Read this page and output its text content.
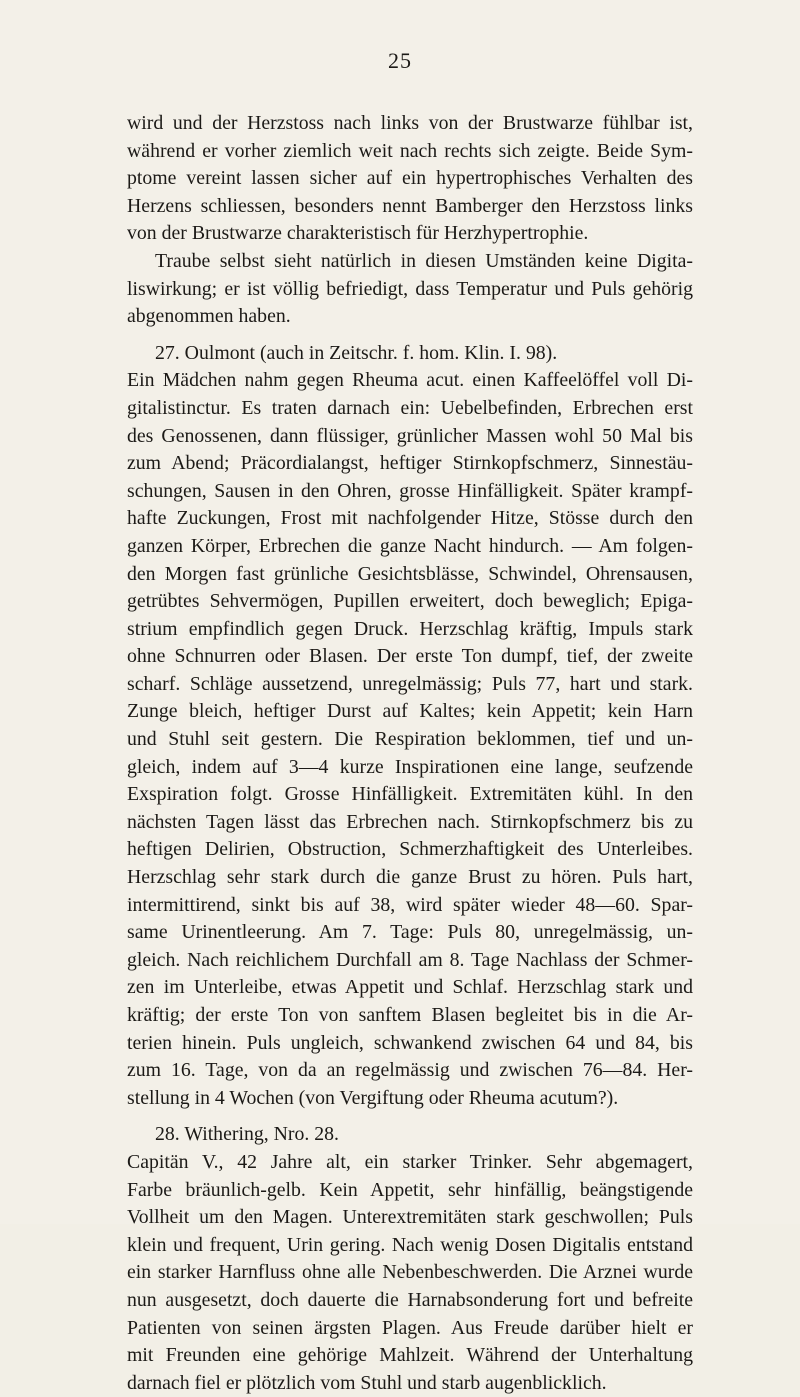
25

wird und der Herzstoss nach links von der Brustwarze fühlbar ist,
während er vorher ziemlich weit nach rechts sich zeigte. Beide Sym-
ptome vereint lassen sicher auf ein hypertrophisches Verhalten des
Herzens schliessen, besonders nennt Bamberger den Herzstoss links
von der Brustwarze charakteristisch für Herzhypertrophie.

Traube selbst sieht natürlich in diesen Umständen keine Digita-
liswirkung; er ist völlig befriedigt, dass Temperatur und Puls gehörig
abgenommen haben.

27. Oulmont (auch in Zeitschr. f. hom. Klin. I. 98).

Ein Mädchen nahm gegen Rheuma acut. einen Kaffeelöffel voll Di-
gitalistinctur. Es traten darnach ein: Uebelbefinden, Erbrechen erst
des Genossenen, dann flüssiger, grünlicher Massen wohl 50 Mal bis
zum Abend; Präcordialangst, heftiger Stirnkopfschmerz, Sinnestäu-
schungen, Sausen in den Ohren, grosse Hinfälligkeit. Später krampf-
hafte Zuckungen, Frost mit nachfolgender Hitze, Stösse durch den
ganzen Körper, Erbrechen die ganze Nacht hindurch. — Am folgen-
den Morgen fast grünliche Gesichtsblässe, Schwindel, Ohrensausen,
getrübtes Sehvermögen, Pupillen erweitert, doch beweglich; Epiga-
strium empfindlich gegen Druck. Herzschlag kräftig, Impuls stark
ohne Schnurren oder Blasen. Der erste Ton dumpf, tief, der zweite
scharf. Schläge aussetzend, unregelmässig; Puls 77, hart und stark.
Zunge bleich, heftiger Durst auf Kaltes; kein Appetit; kein Harn
und Stuhl seit gestern. Die Respiration beklommen, tief und un-
gleich, indem auf 3—4 kurze Inspirationen eine lange, seufzende
Exspiration folgt. Grosse Hinfälligkeit. Extremitäten kühl. In den
nächsten Tagen lässt das Erbrechen nach. Stirnkopfschmerz bis zu
heftigen Delirien, Obstruction, Schmerzhaftigkeit des Unterleibes.
Herzschlag sehr stark durch die ganze Brust zu hören. Puls hart,
intermittirend, sinkt bis auf 38, wird später wieder 48—60. Spar-
same Urinentleerung. Am 7. Tage: Puls 80, unregelmässig, un-
gleich. Nach reichlichem Durchfall am 8. Tage Nachlass der Schmer-
zen im Unterleibe, etwas Appetit und Schlaf. Herzschlag stark und
kräftig; der erste Ton von sanftem Blasen begleitet bis in die Ar-
terien hinein. Puls ungleich, schwankend zwischen 64 und 84, bis
zum 16. Tage, von da an regelmässig und zwischen 76—84. Her-
stellung in 4 Wochen (von Vergiftung oder Rheuma acutum?).

28. Withering, Nro. 28.

Capitän V., 42 Jahre alt, ein starker Trinker. Sehr abgemagert,
Farbe bräunlich-gelb. Kein Appetit, sehr hinfällig, beängstigende
Vollheit um den Magen. Unterextremitäten stark geschwollen; Puls
klein und frequent, Urin gering. Nach wenig Dosen Digitalis entstand
ein starker Harnfluss ohne alle Nebenbeschwerden. Die Arznei wurde
nun ausgesetzt, doch dauerte die Harnabsonderung fort und befreite
Patienten von seinen ärgsten Plagen. Aus Freude darüber hielt er
mit Freunden eine gehörige Mahlzeit. Während der Unterhaltung
darnach fiel er plötzlich vom Stuhl und starb augenblicklich.
